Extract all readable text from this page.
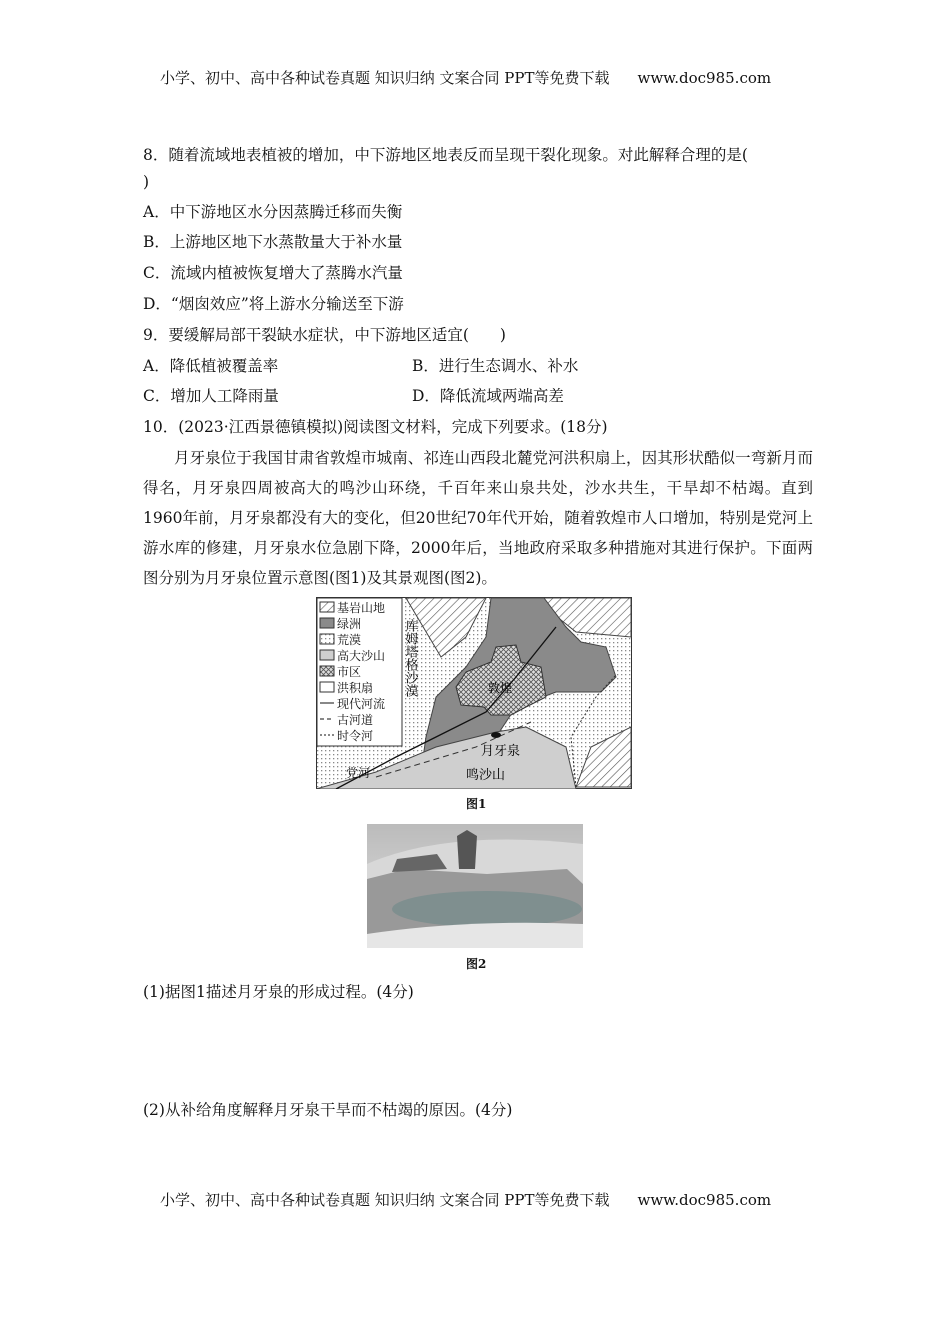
小学、初中、高中各种试卷真题 知识归纳 文案合同 PPT等免费下载 www.doc985.com
8．随着流域地表植被的增加，中下游地区地表反而呈现干裂化现象。对此解释合理的是(
)
A．中下游地区水分因蒸腾迁移而失衡
B．上游地区地下水蒸散量大于补水量
C．流域内植被恢复增大了蒸腾水汽量
D．“烟囱效应”将上游水分输送至下游
9．要缓解局部干裂缺水症状，中下游地区适宜(　　)
A．降低植被覆盖率	B．进行生态调水、补水
C．增加人工降雨量	D．降低流域两端高差
10．(2023·江西景德镇模拟)阅读图文材料，完成下列要求。(18分)
月牙泉位于我国甘肃省敦煌市城南、祁连山西段北麓党河洪积扇上，因其形状酷似一弯新月而得名，月牙泉四周被高大的鸣沙山环绕，千百年来山泉共处，沙水共生，干旱却不枯竭。直到1960年前，月牙泉都没有大的变化，但20世纪70年代开始，随着敦煌市人口增加，特别是党河上游水库的修建，月牙泉水位急剧下降，2000年后，当地政府采取多种措施对其进行保护。下面两图分别为月牙泉位置示意图(图1)及其景观图(图2)。
基岩山地
绿洲
荒漠
高大沙山
市区
洪积扇
现代河流
古河道
时令河
库姆塔格沙漠	敦煌
月牙泉
鸣沙山
党河
图1
图2
(1)据图1描述月牙泉的形成过程。(4分)
(2)从补给角度解释月牙泉干旱而不枯竭的原因。(4分)
小学、初中、高中各种试卷真题 知识归纳 文案合同 PPT等免费下载 www.doc985.com
